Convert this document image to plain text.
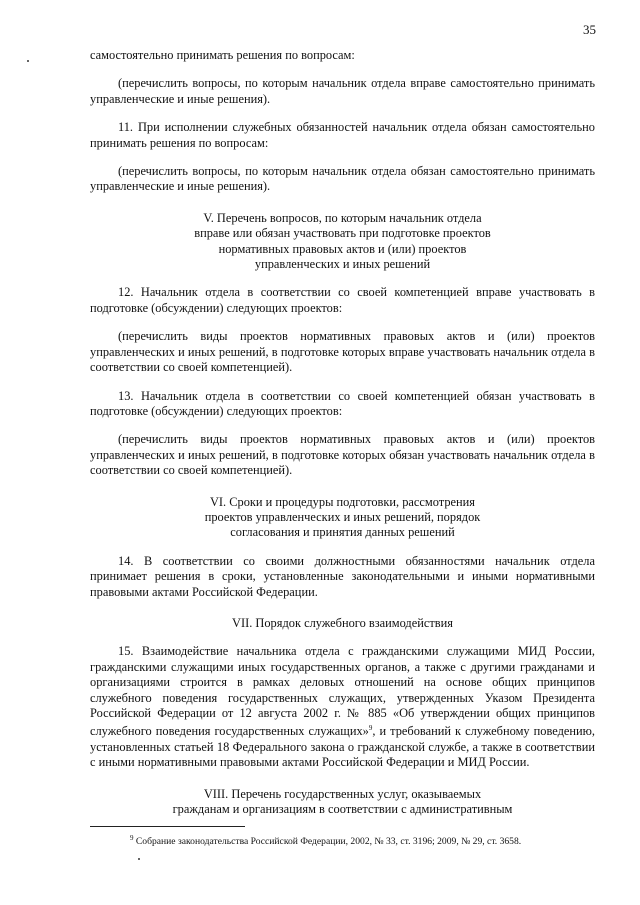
35

самостоятельно принимать решения по вопросам:

(перечислить вопросы, по которым начальник отдела вправе самостоятельно принимать управленческие и иные решения).

11. При исполнении служебных обязанностей начальник отдела обязан самостоятельно принимать решения по вопросам:

(перечислить вопросы, по которым начальник отдела обязан самостоятельно принимать управленческие и иные решения).

V. Перечень вопросов, по которым начальник отдела
вправе или обязан участвовать при подготовке проектов
нормативных правовых актов и (или) проектов
управленческих и иных решений

12. Начальник отдела в соответствии со своей компетенцией вправе участвовать в подготовке (обсуждении) следующих проектов:

(перечислить виды проектов нормативных правовых актов и (или) проектов управленческих и иных решений, в подготовке которых вправе участвовать начальник отдела в соответствии со своей компетенцией).

13. Начальник отдела в соответствии со своей компетенцией обязан участвовать в подготовке (обсуждении) следующих проектов:

(перечислить виды проектов нормативных правовых актов и (или) проектов управленческих и иных решений, в подготовке которых обязан участвовать начальник отдела в соответствии со своей компетенцией).

VI. Сроки и процедуры подготовки, рассмотрения
проектов управленческих и иных решений, порядок
согласования и принятия данных решений

14. В соответствии со своими должностными обязанностями начальник отдела принимает решения в сроки, установленные законодательными и иными нормативными правовыми актами Российской Федерации.

VII. Порядок служебного взаимодействия

15. Взаимодействие начальника отдела с гражданскими служащими МИД России, гражданскими служащими иных государственных органов, а также с другими гражданами и организациями строится в рамках деловых отношений на основе общих принципов служебного поведения государственных служащих, утвержденных Указом Президента Российской Федерации от 12 августа 2002 г. № 885 «Об утверждении общих принципов служебного поведения государственных служащих»$^9$, и требований к служебному поведению, установленных статьей 18 Федерального закона о гражданской службе, а также в соответствии с иными нормативными правовыми актами Российской Федерации и МИД России.

VIII. Перечень государственных услуг, оказываемых
гражданам и организациям в соответствии с административным
$^9$ Собрание законодательства Российской Федерации, 2002, № 33, ст. 3196; 2009, № 29, ст. 3658.
